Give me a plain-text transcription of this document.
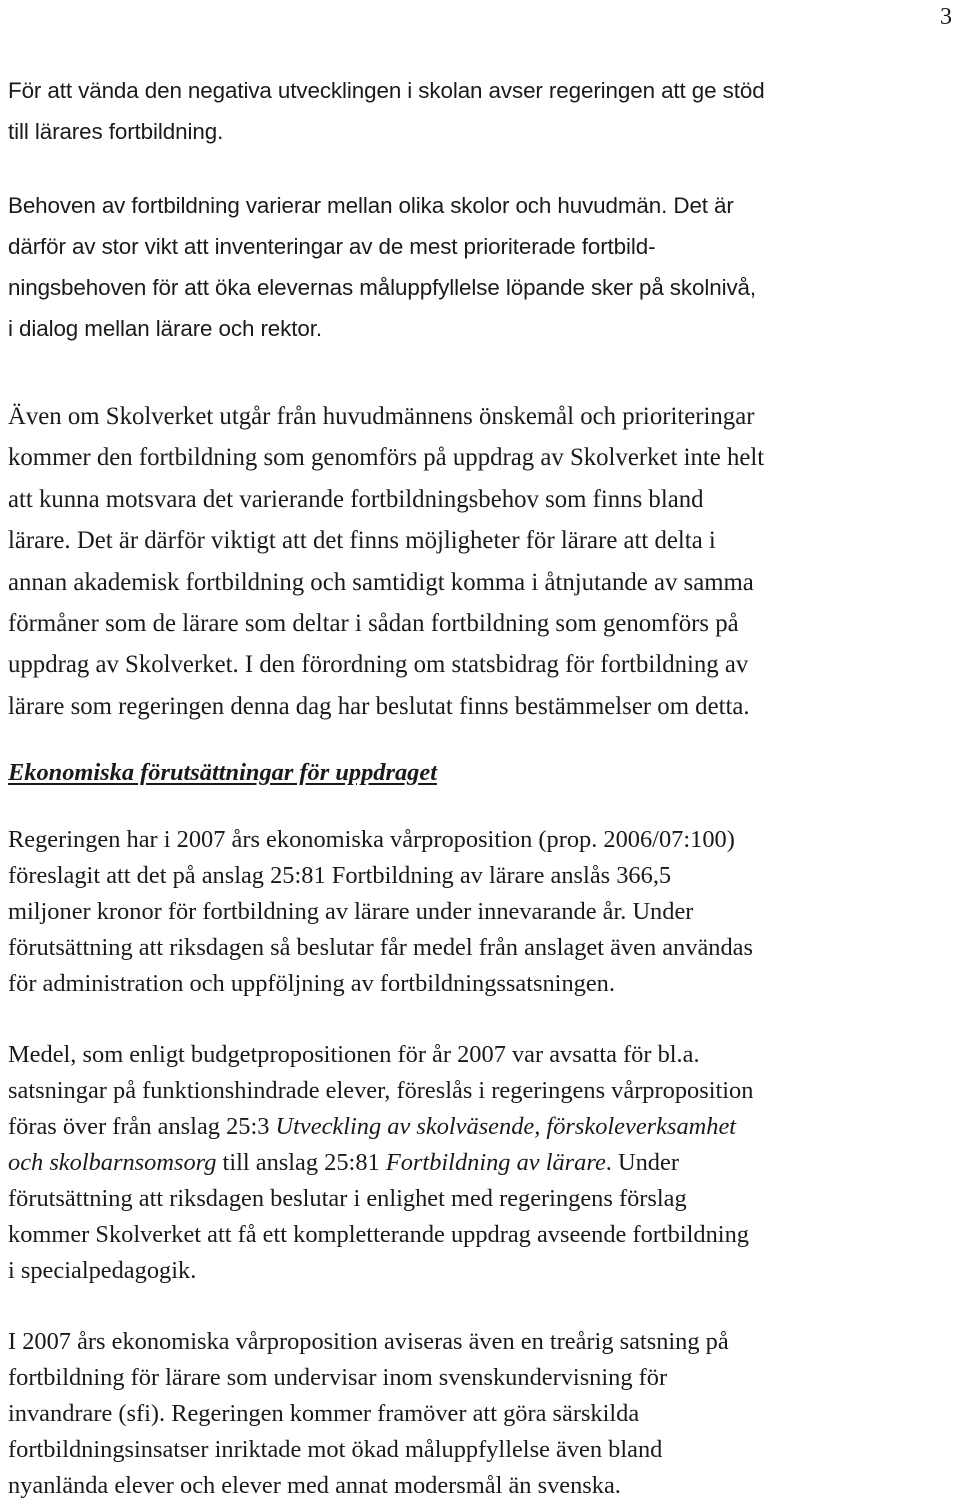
3

För att vända den negativa utvecklingen i skolan avser regeringen att ge stöd
till lärares fortbildning.

Behoven av fortbildning varierar mellan olika skolor och huvudmän. Det är
därför av stor vikt att inventeringar av de mest prioriterade fortbild-
ningsbehoven för att öka elevernas måluppfyllelse löpande sker på skolnivå,
i dialog mellan lärare och rektor.

Även om Skolverket utgår från huvudmännens önskemål och prioriteringar
kommer den fortbildning som genomförs på uppdrag av Skolverket inte helt
att kunna motsvara det varierande fortbildningsbehov som finns bland
lärare. Det är därför viktigt att det finns möjligheter för lärare att delta i
annan akademisk fortbildning och samtidigt komma i åtnjutande av samma
förmåner som de lärare som deltar i sådan fortbildning som genomförs på
uppdrag av Skolverket. I den förordning om statsbidrag för fortbildning av
lärare som regeringen denna dag har beslutat finns bestämmelser om detta.

Ekonomiska förutsättningar för uppdraget

Regeringen har i 2007 års ekonomiska vårproposition (prop. 2006/07:100)
föreslagit att det på anslag 25:81 Fortbildning av lärare anslås 366,5
miljoner kronor för fortbildning av lärare under innevarande år. Under
förutsättning att riksdagen så beslutar får medel från anslaget även användas
för administration och uppföljning av fortbildningssatsningen.

Medel, som enligt budgetpropositionen för år 2007 var avsatta för bl.a.
satsningar på funktionshindrade elever, föreslås i regeringens vårproposition
föras över från anslag 25:3 Utveckling av skolväsende, förskoleverksamhet
och skolbarnsomsorg till anslag 25:81 Fortbildning av lärare. Under
förutsättning att riksdagen beslutar i enlighet med regeringens förslag
kommer Skolverket att få ett kompletterande uppdrag avseende fortbildning
i specialpedagogik.

I 2007 års ekonomiska vårproposition aviseras även en treårig satsning på
fortbildning för lärare som undervisar inom svenskundervisning för
invandrare (sfi). Regeringen kommer framöver att göra särskilda
fortbildningsinsatser inriktade mot ökad måluppfyllelse även bland
nyanlända elever och elever med annat modersmål än svenska.
